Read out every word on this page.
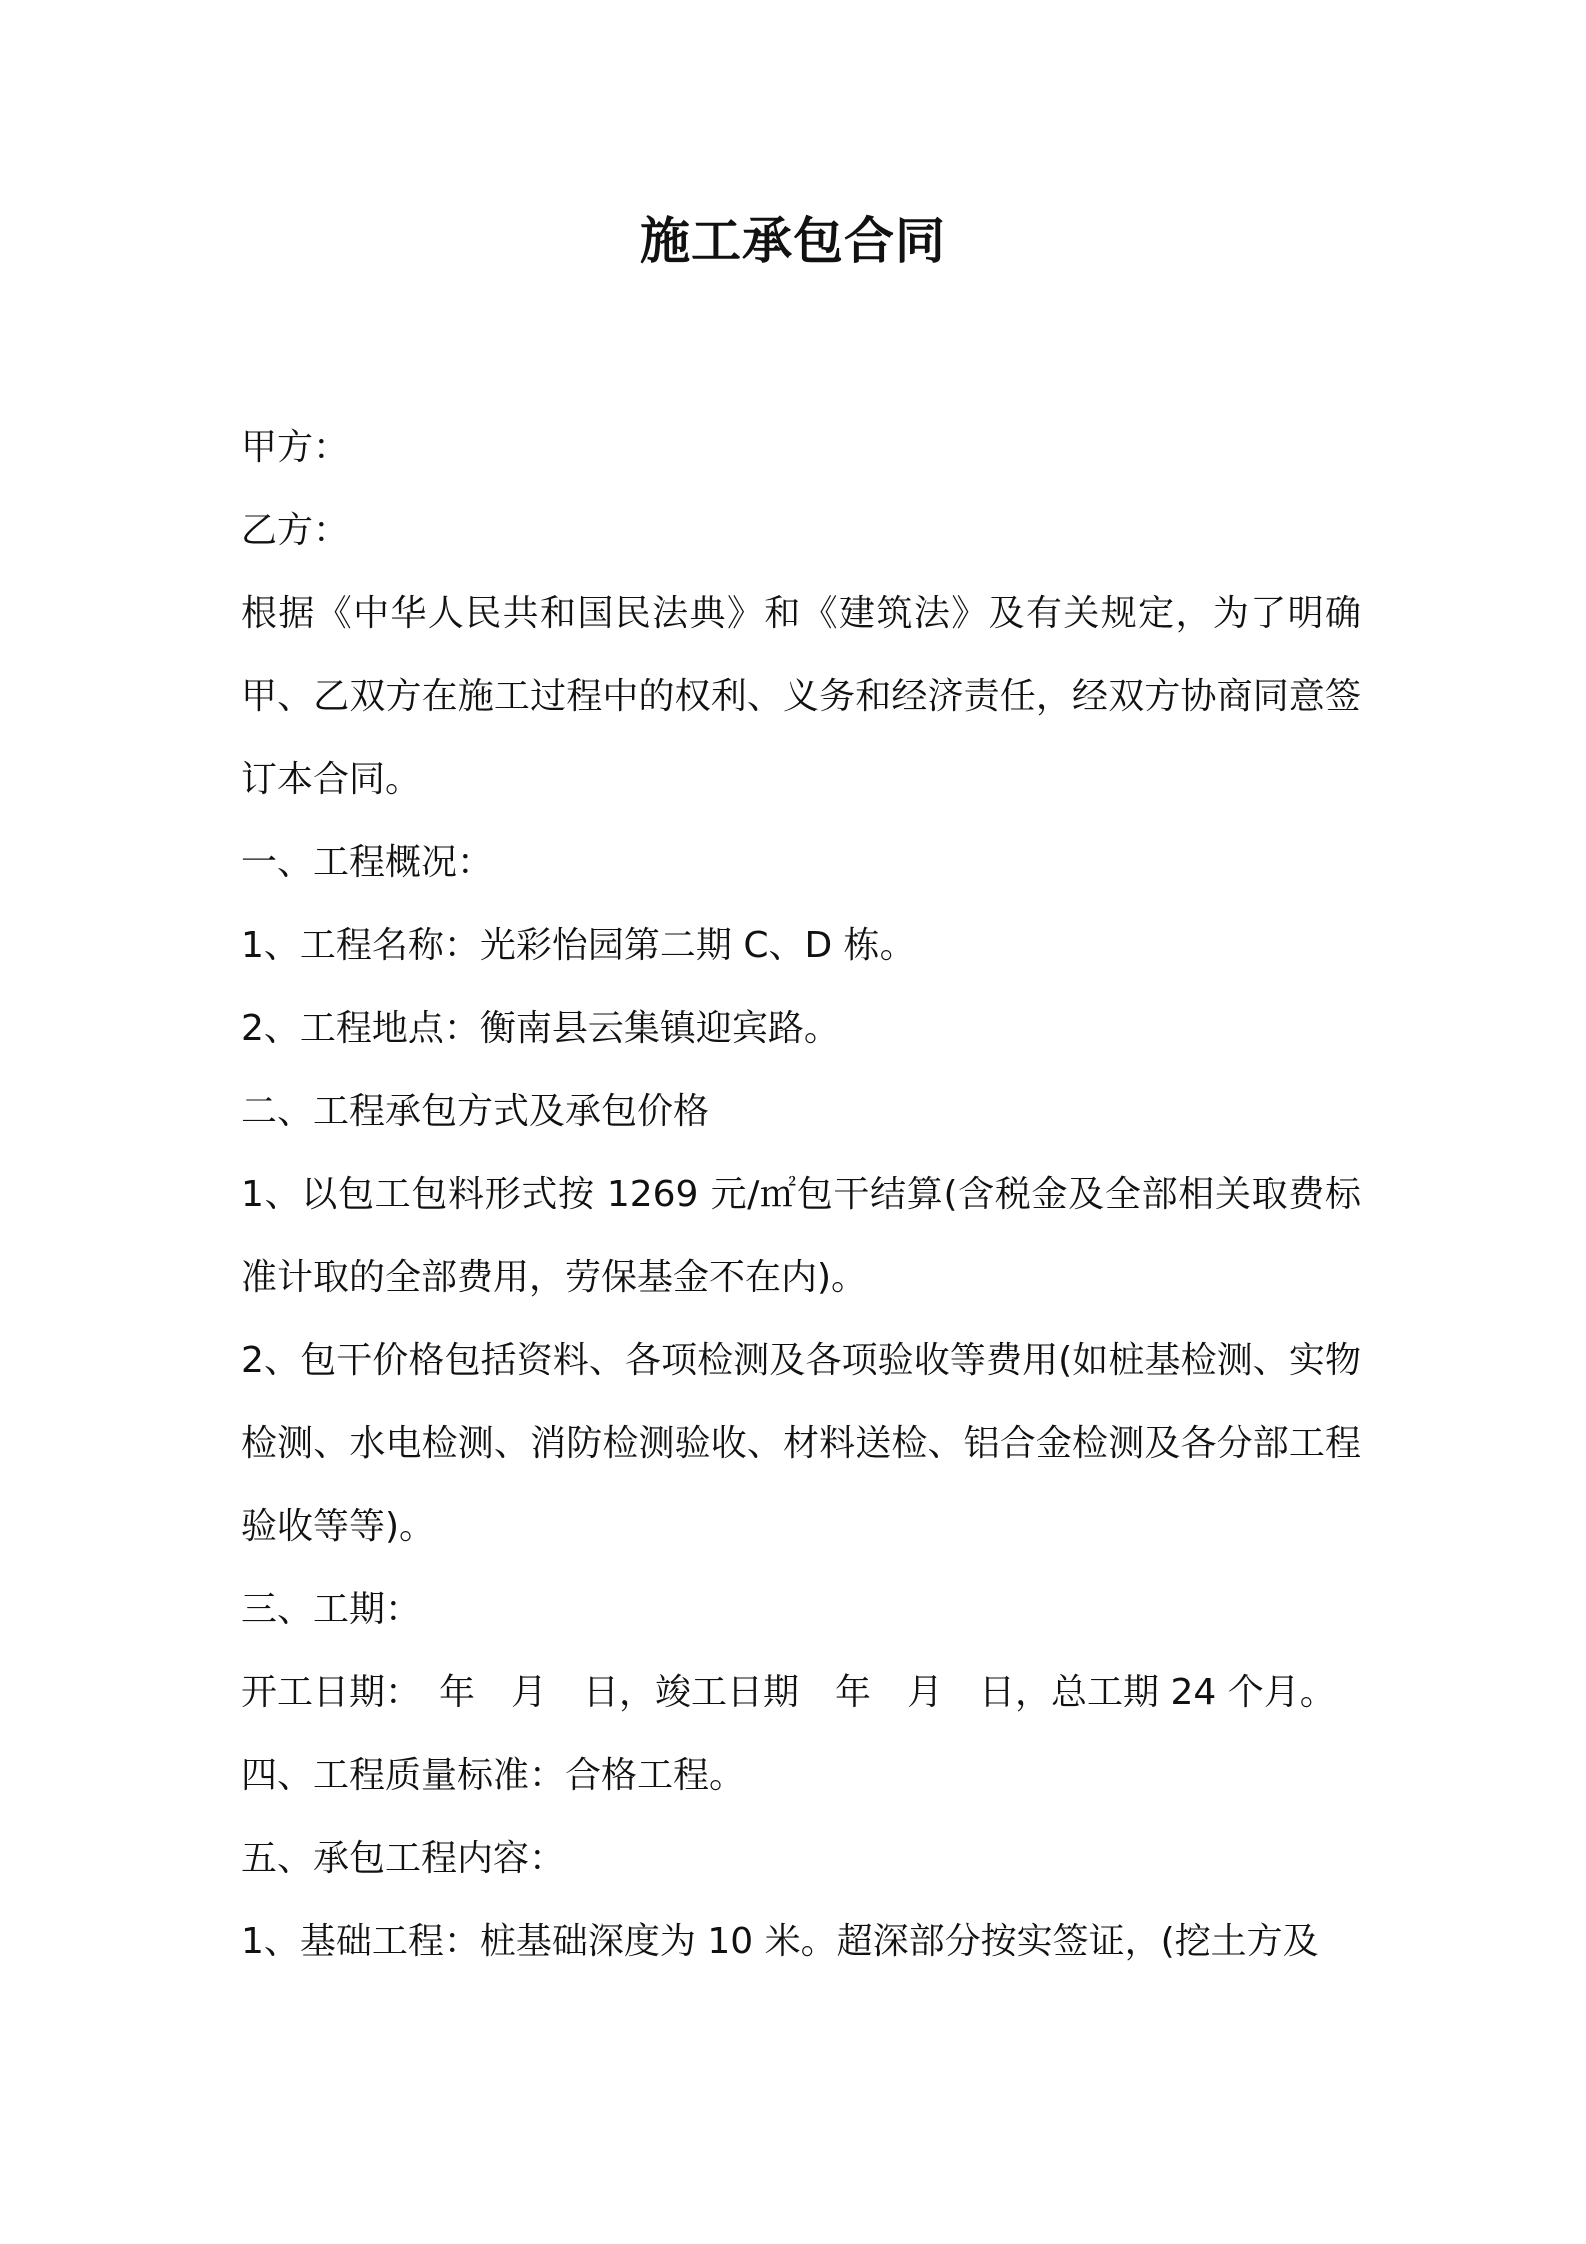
施工承包合同

甲方：

乙方：

根据《中华人民共和国民法典》和《建筑法》及有关规定，为了明确甲、乙双方在施工过程中的权利、义务和经济责任，经双方协商同意签订本合同。

一、工程概况：

1、工程名称：光彩怡园第二期 C、D 栋。

2、工程地点：衡南县云集镇迎宾路。

二、工程承包方式及承包价格

1、以包工包料形式按 1269 元/㎡包干结算(含税金及全部相关取费标准计取的全部费用，劳保基金不在内)。

2、包干价格包括资料、各项检测及各项验收等费用(如桩基检测、实物检测、水电检测、消防检测验收、材料送检、铝合金检测及各分部工程验收等等)。

三、工期：

开工日期：　年　月　日，竣工日期　年　月　日，总工期 24 个月。

四、工程质量标准：合格工程。

五、承包工程内容：

1、基础工程：桩基础深度为 10 米。超深部分按实签证，(挖土方及
